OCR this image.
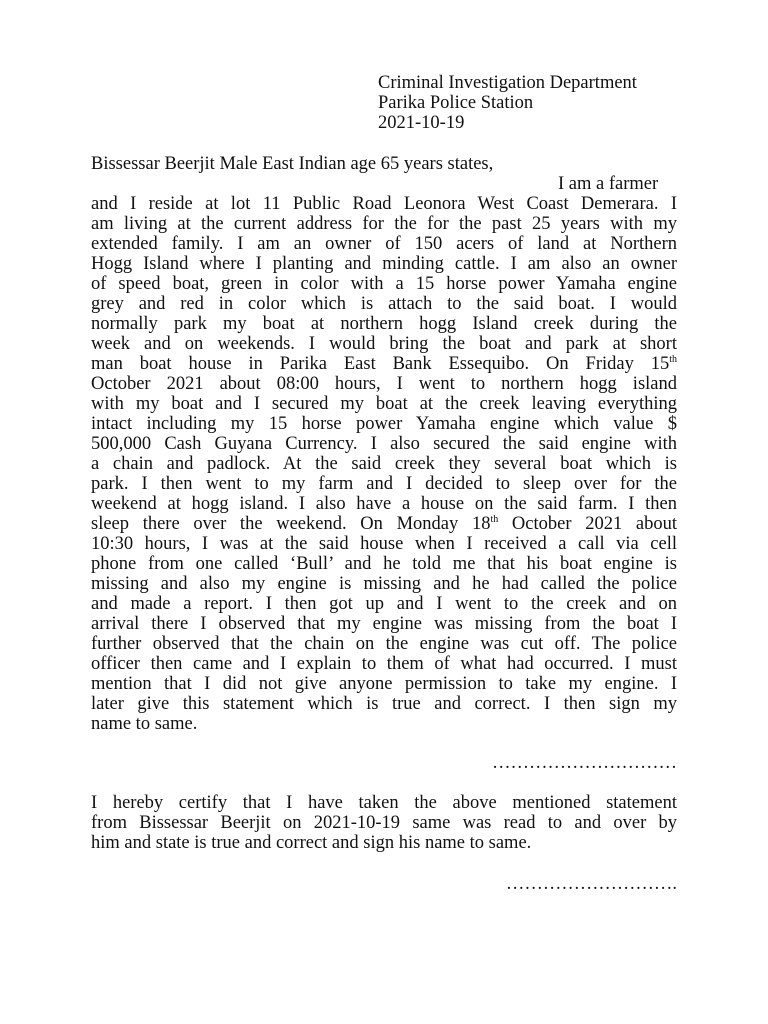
Criminal Investigation Department
Parika Police Station
2021-10-19
Bissessar Beerjit Male East Indian age 65 years states,
I am a farmer
and I reside at lot 11 Public Road Leonora West Coast Demerara. I
am living at the current address for the for the past 25 years with my
extended family. I am an owner of 150 acers of land at Northern
Hogg Island where I planting and minding cattle. I am also an owner
of speed boat, green in color with a 15 horse power Yamaha engine
grey and red in color which is attach to the said boat. I would
normally park my boat at northern hogg Island creek during the
week and on weekends. I would bring the boat and park at short
man boat house in Parika East Bank Essequibo. On Friday 15th
October 2021 about 08:00 hours, I went to northern hogg island
with my boat and I secured my boat at the creek leaving everything
intact including my 15 horse power Yamaha engine which value $
500,000 Cash Guyana Currency. I also secured the said engine with
a chain and padlock. At the said creek they several boat which is
park. I then went to my farm and I decided to sleep over for the
weekend at hogg island. I also have a house on the said farm. I then
sleep there over the weekend. On Monday 18th October 2021 about
10:30 hours, I was at the said house when I received a call via cell
phone from one called ‘Bull’ and he told me that his boat engine is
missing and also my engine is missing and he had called the police
and made a report. I then got up and I went to the creek and on
arrival there I observed that my engine was missing from the boat I
further observed that the chain on the engine was cut off. The police
officer then came and I explain to them of what had occurred. I must
mention that I did not give anyone permission to take my engine. I
later give this statement which is true and correct. I then sign my
name to same.
…………………………
I hereby certify that I have taken the above mentioned statement
from Bissessar Beerjit on 2021-10-19 same was read to and over by
him and state is true and correct and sign his name to same.
……………………….
